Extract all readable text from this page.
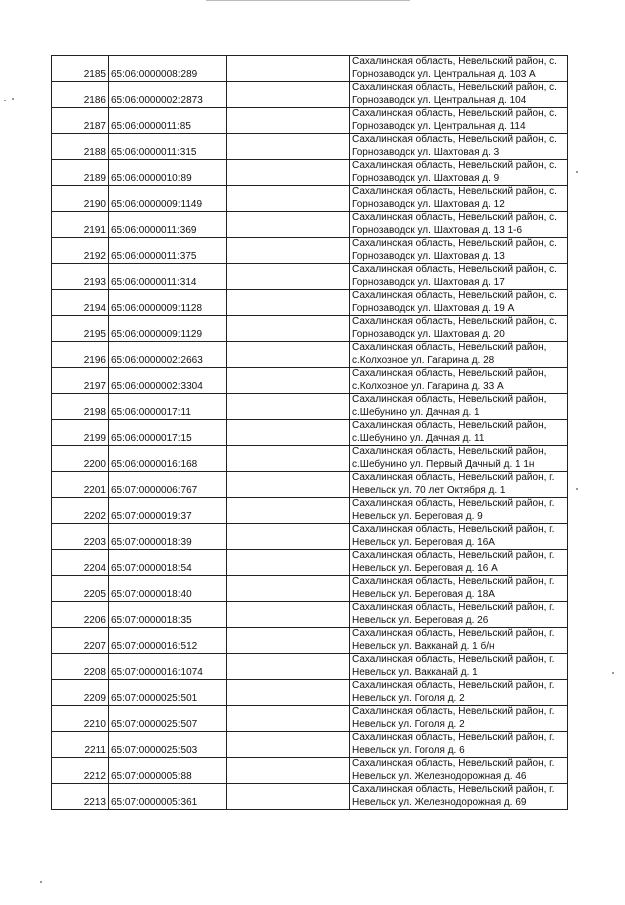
2185	65:06:0000008:289		Сахалинская область, Невельский район, с.
Горнозаводск ул. Центральная д. 103 А

2186	65:06:0000002:2873		Сахалинская область, Невельский район, с.
Горнозаводск ул. Центральная д. 104

2187	65:06:0000011:85		Сахалинская область, Невельский район, с.
Горнозаводск ул. Центральная д. 114

2188	65:06:0000011:315		Сахалинская область, Невельский район, с.
Горнозаводск ул. Шахтовая д. 3

2189	65:06:0000010:89		Сахалинская область, Невельский район, с.
Горнозаводск ул. Шахтовая д. 9

2190	65:06:0000009:1149		Сахалинская область, Невельский район, с.
Горнозаводск ул. Шахтовая д. 12

2191	65:06:0000011:369		Сахалинская область, Невельский район, с.
Горнозаводск ул. Шахтовая д. 13 1-6

2192	65:06:0000011:375		Сахалинская область, Невельский район, с.
Горнозаводск ул. Шахтовая д. 13

2193	65:06:0000011:314		Сахалинская область, Невельский район, с.
Горнозаводск ул. Шахтовая д. 17

2194	65:06:0000009:1128		Сахалинская область, Невельский район, с.
Горнозаводск ул. Шахтовая д. 19 А

2195	65:06:0000009:1129		Сахалинская область, Невельский район, с.
Горнозаводск ул. Шахтовая д. 20

2196	65:06:0000002:2663		Сахалинская область, Невельский район,
с.Колхозное ул. Гагарина д. 28

2197	65:06:0000002:3304		Сахалинская область, Невельский район,
с.Колхозное ул. Гагарина д. 33 А

2198	65:06:0000017:11		Сахалинская область, Невельский район,
с.Шебунино ул. Дачная д. 1

2199	65:06:0000017:15		Сахалинская область, Невельский район,
с.Шебунино ул. Дачная д. 11

2200	65:06:0000016:168		Сахалинская область, Невельский район,
с.Шебунино ул. Первый Дачный д. 1 1н

2201	65:07:0000006:767		Сахалинская область, Невельский район, г.
Невельск ул. 70 лет Октября д. 1

2202	65:07:0000019:37		Сахалинская область, Невельский район, г.
Невельск ул. Береговая д. 9

2203	65:07:0000018:39		Сахалинская область, Невельский район, г.
Невельск ул. Береговая д. 16А

2204	65:07:0000018:54		Сахалинская область, Невельский район, г.
Невельск ул. Береговая д. 16 А

2205	65:07:0000018:40		Сахалинская область, Невельский район, г.
Невельск ул. Береговая д. 18А

2206	65:07:0000018:35		Сахалинская область, Невельский район, г.
Невельск ул. Береговая д. 26

2207	65:07:0000016:512		Сахалинская область, Невельский район, г.
Невельск ул. Вакканай д. 1 б/н

2208	65:07:0000016:1074		Сахалинская область, Невельский район, г.
Невельск ул. Вакканай д. 1

2209	65:07:0000025:501		Сахалинская область, Невельский район, г.
Невельск ул. Гоголя д. 2

2210	65:07:0000025:507		Сахалинская область, Невельский район, г.
Невельск ул. Гоголя д. 2

2211	65:07:0000025:503		Сахалинская область, Невельский район, г.
Невельск ул. Гоголя д. 6

2212	65:07:0000005:88		Сахалинская область, Невельский район, г.
Невельск ул. Железнодорожная д. 46

2213	65:07:0000005:361		Сахалинская область, Невельский район, г.
Невельск ул. Железнодорожная д. 69
